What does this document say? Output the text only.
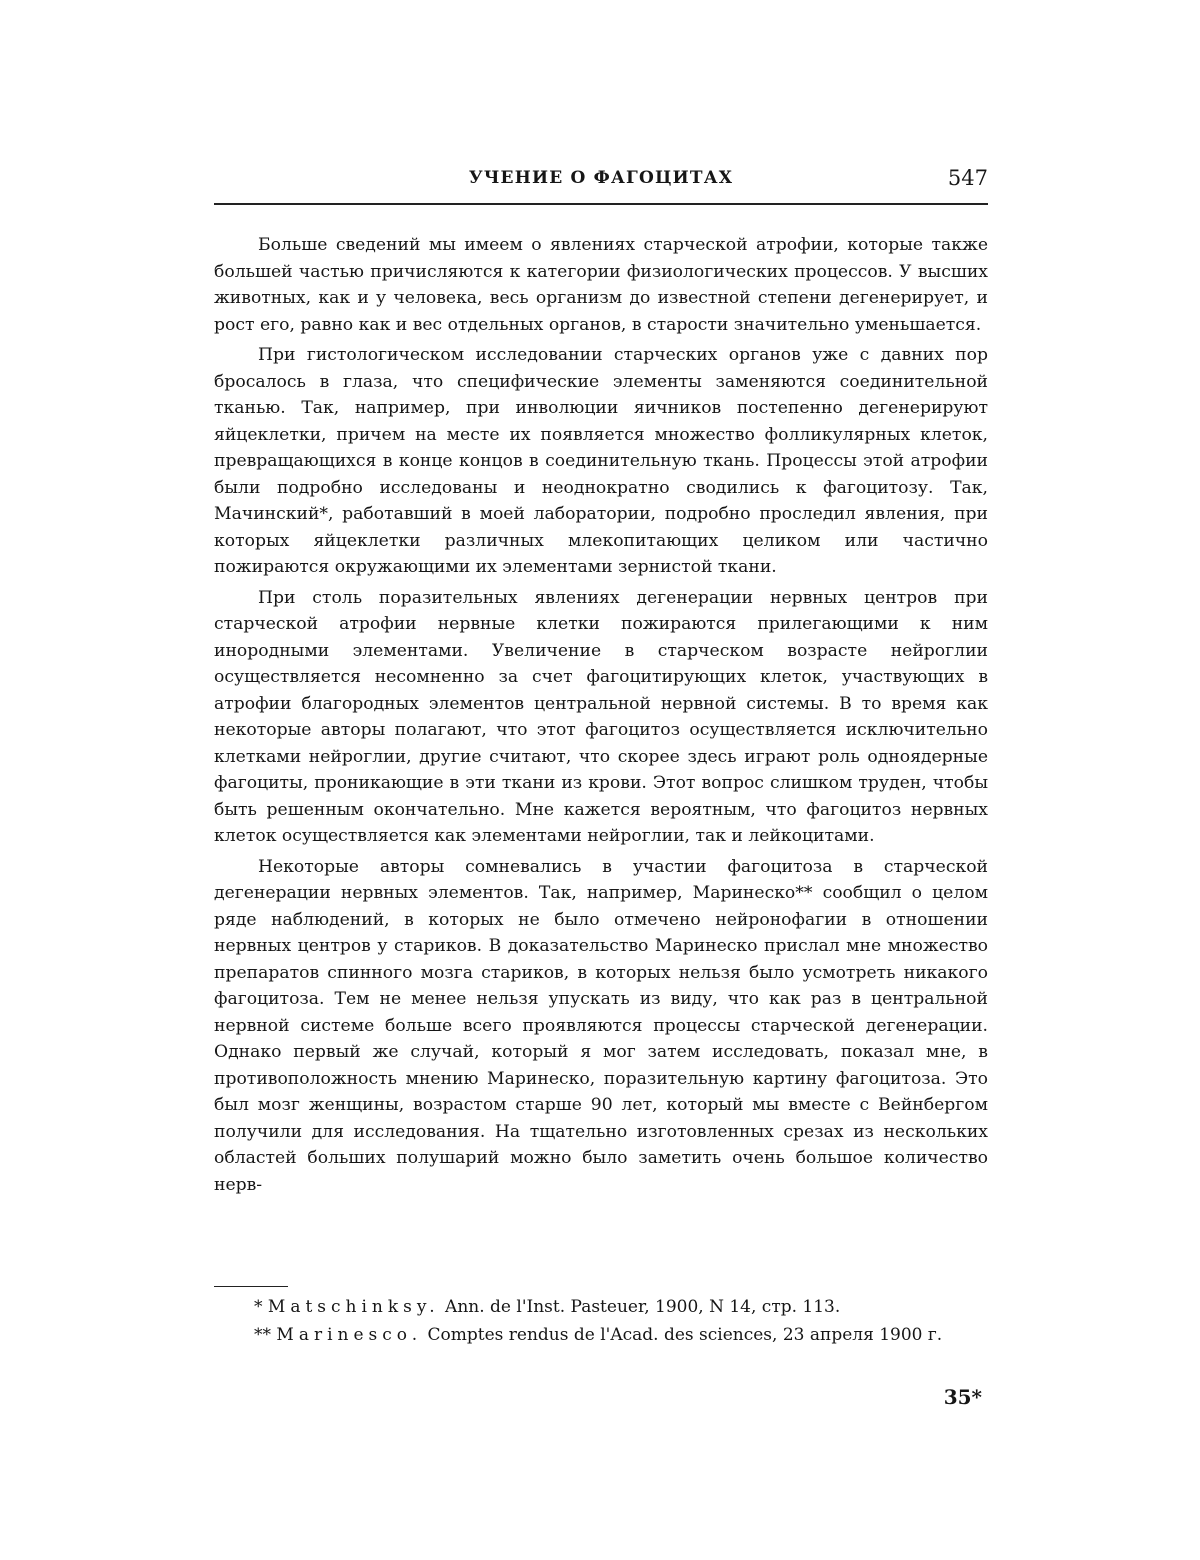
УЧЕНИЕ О ФАГОЦИТАХ	547

Больше сведений мы имеем о явлениях старческой атрофии, которые также большей частью причисляются к категории физиологических процессов. У высших животных, как и у человека, весь организм до известной степени дегенерирует, и рост его, равно как и вес отдельных органов, в старости значительно уменьшается.

При гистологическом исследовании старческих органов уже с давних пор бросалось в глаза, что специфические элементы заменяются соединительной тканью. Так, например, при инволюции яичников постепенно дегенерируют яйцеклетки, причем на месте их появляется множество фолликулярных клеток, превращающихся в конце концов в соединительную ткань. Процессы этой атрофии были подробно исследованы и неоднократно сводились к фагоцитозу. Так, Мачинский*, работавший в моей лаборатории, подробно проследил явления, при которых яйцеклетки различных млекопитающих целиком или частично пожираются окружающими их элементами зернистой ткани.

При столь поразительных явлениях дегенерации нервных центров при старческой атрофии нервные клетки пожираются прилегающими к ним инородными элементами. Увеличение в старческом возрасте нейроглии осуществляется несомненно за счет фагоцитирующих клеток, участвующих в атрофии благородных элементов центральной нервной системы. В то время как некоторые авторы полагают, что этот фагоцитоз осуществляется исключительно клетками нейроглии, другие считают, что скорее здесь играют роль одноядерные фагоциты, проникающие в эти ткани из крови. Этот вопрос слишком труден, чтобы быть решенным окончательно. Мне кажется вероятным, что фагоцитоз нервных клеток осуществляется как элементами нейроглии, так и лейкоцитами.

Некоторые авторы сомневались в участии фагоцитоза в старческой дегенерации нервных элементов. Так, например, Маринеско** сообщил о целом ряде наблюдений, в которых не было отмечено нейронофагии в отношении нервных центров у стариков. В доказательство Маринеско прислал мне множество препаратов спинного мозга стариков, в которых нельзя было усмотреть никакого фагоцитоза. Тем не менее нельзя упускать из виду, что как раз в центральной нервной системе больше всего проявляются процессы старческой дегенерации. Однако первый же случай, который я мог затем исследовать, показал мне, в противоположность мнению Маринеско, поразительную картину фагоцитоза. Это был мозг женщины, возрастом старше 90 лет, который мы вместе с Вейнбергом получили для исследования. На тщательно изготовленных срезах из нескольких областей больших полушарий можно было заметить очень большое количество нерв-

* Matschinksy. Ann. de l'Inst. Pasteuer, 1900, N 14, стр. 113.

** Marinesco. Comptes rendus de l'Acad. des sciences, 23 апреля 1900 г.

35*
